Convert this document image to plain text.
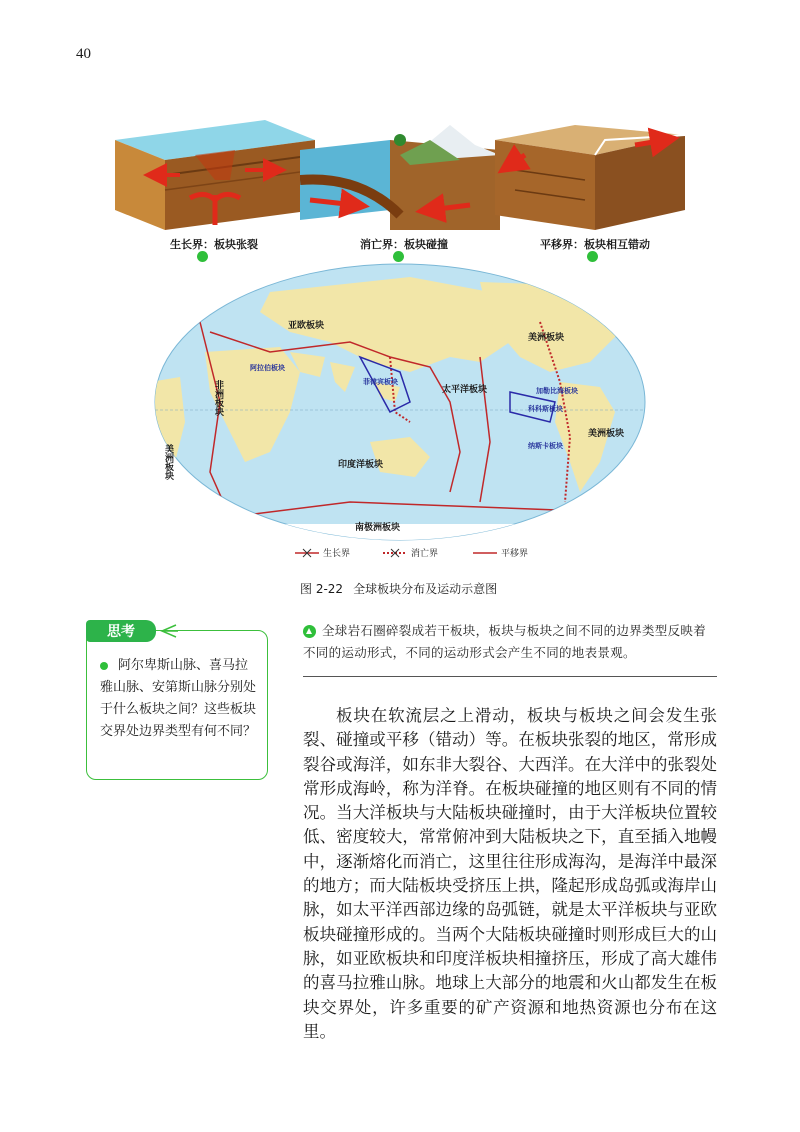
40
生长界：板块张裂	消亡界：板块碰撞	平移界：板块相互错动
亚欧板块
美洲板块
太平洋板块
美洲板块
印度洋板块
南极洲板块
阿拉伯板块
菲律宾板块
加勒比海板块
科科斯板块
纳斯卡板块
非洲板块
美洲板块
生长界	消亡界	平移界
图 2-22 全球板块分布及运动示意图
思考
阿尔卑斯山脉、喜马拉雅山脉、安第斯山脉分别处于什么板块之间？这些板块交界处边界类型有何不同？
全球岩石圈碎裂成若干板块，板块与板块之间不同的边界类型反映着不同的运动形式，不同的运动形式会产生不同的地表景观。

板块在软流层之上滑动，板块与板块之间会发生张裂、碰撞或平移（错动）等。在板块张裂的地区，常形成裂谷或海洋，如东非大裂谷、大西洋。在大洋中的张裂处常形成海岭，称为洋脊。在板块碰撞的地区则有不同的情况。当大洋板块与大陆板块碰撞时，由于大洋板块位置较低、密度较大，常常俯冲到大陆板块之下，直至插入地幔中，逐渐熔化而消亡，这里往往形成海沟，是海洋中最深的地方；而大陆板块受挤压上拱，隆起形成岛弧或海岸山脉，如太平洋西部边缘的岛弧链，就是太平洋板块与亚欧板块碰撞形成的。当两个大陆板块碰撞时则形成巨大的山脉，如亚欧板块和印度洋板块相撞挤压，形成了高大雄伟的喜马拉雅山脉。地球上大部分的地震和火山都发生在板块交界处，许多重要的矿产资源和地热资源也分布在这里。
